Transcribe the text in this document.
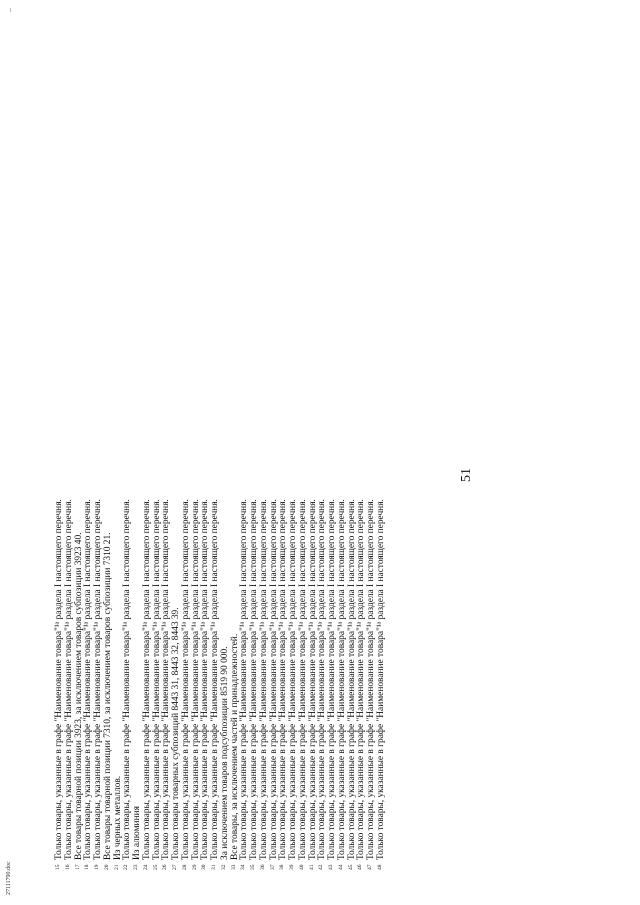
51
15Только товары, указанные в графе "Наименование товара"¹ᵃ раздела I настоящего перечня.
16Только товары, указанные в графе "Наименование товара"¹ᵃ раздела I настоящего перечня.
17Все товары товарной позиции 3923, за исключением товаров субпозиции 3923 40.
18Только товары, указанные в графе "Наименование товара"¹ᵃ раздела I настоящего перечня.
19Только товары, указанные в графе "Наименование товара"¹ᵃ раздела I настоящего перечня.
20Все товары товарной позиции 7310, за исключением товаров субпозиции 7310 21.
21Из черных металлов.
22Только товары, указанные в графе "Наименование товара"¹ᵃ раздела I настоящего перечня.
23Из алюминия
24Только товары, указанные в графе "Наименование товара"¹ᵃ раздела I настоящего перечня.
25Только товары, указанные в графе "Наименование товара"¹ᵃ раздела I настоящего перечня.
26Только товары, указанные в графе "Наименование товара"¹ᵃ раздела I настоящего перечня.
27Только товары товарных субпозиций 8443 31, 8443 32, 8443 39.
28Только товары, указанные в графе "Наименование товара"¹ᵃ раздела I настоящего перечня.
29Только товары, указанные в графе "Наименование товара"¹ᵃ раздела I настоящего перечня.
30Только товары, указанные в графе "Наименование товара"¹ᵃ раздела I настоящего перечня.
31Только товары, указанные в графе "Наименование товара"¹ᵃ раздела I настоящего перечня.
32За исключением товаров подсубпозиции 8519 90 000.
33Все товары, за исключением частей и принадлежностей.
34Только товары, указанные в графе "Наименование товара"¹ᵃ раздела I настоящего перечня.
35Только товары, указанные в графе "Наименование товара"¹ᵃ раздела I настоящего перечня.
36Только товары, указанные в графе "Наименование товара"¹ᵃ раздела I настоящего перечня.
37Только товары, указанные в графе "Наименование товара"¹ᵃ раздела I настоящего перечня.
38Только товары, указанные в графе "Наименование товара"¹ᵃ раздела I настоящего перечня.
39Только товары, указанные в графе "Наименование товара"¹ᵃ раздела I настоящего перечня.
40Только товары, указанные в графе "Наименование товара"¹ᵃ раздела I настоящего перечня.
41Только товары, указанные в графе "Наименование товара"¹ᵃ раздела I настоящего перечня.
42Только товары, указанные в графе "Наименование товара"¹ᵃ раздела I настоящего перечня.
43Только товары, указанные в графе "Наименование товара"¹ᵃ раздела I настоящего перечня.
44Только товары, указанные в графе "Наименование товара"¹ᵃ раздела I настоящего перечня.
45Только товары, указанные в графе "Наименование товара"¹ᵃ раздела I настоящего перечня.
46Только товары, указанные в графе "Наименование товара"¹ᵃ раздела I настоящего перечня.
47Только товары, указанные в графе "Наименование товара"¹ᵃ раздела I настоящего перечня.
48Только товары, указанные в графе "Наименование товара"¹ᵃ раздела I настоящего перечня.
27111790.doc
